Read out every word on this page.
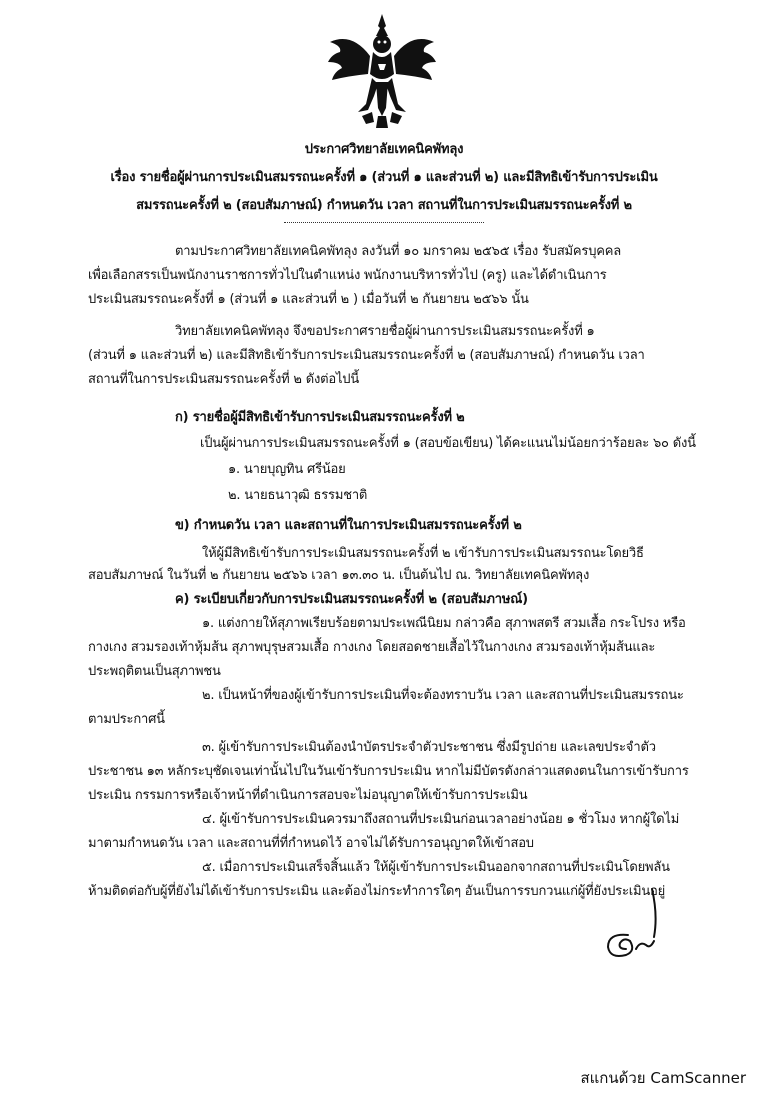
ประกาศวิทยาลัยเทคนิคพัทลุง
เรื่อง รายชื่อผู้ผ่านการประเมินสมรรถนะครั้งที่ ๑ (ส่วนที่ ๑ และส่วนที่ ๒) และมีสิทธิเข้ารับการประเมิน
สมรรถนะครั้งที่ ๒ (สอบสัมภาษณ์) กำหนดวัน เวลา สถานที่ในการประเมินสมรรถนะครั้งที่ ๒
ตามประกาศวิทยาลัยเทคนิคพัทลุง ลงวันที่ ๑๐ มกราคม ๒๕๖๕ เรื่อง รับสมัครบุคคล
เพื่อเลือกสรรเป็นพนักงานราชการทั่วไปในตำแหน่ง พนักงานบริหารทั่วไป (ครู) และได้ดำเนินการ
ประเมินสมรรถนะครั้งที่ ๑ (ส่วนที่ ๑ และส่วนที่ ๒ ) เมื่อวันที่ ๒ กันยายน ๒๕๖๖ นั้น
วิทยาลัยเทคนิคพัทลุง จึงขอประกาศรายชื่อผู้ผ่านการประเมินสมรรถนะครั้งที่ ๑
(ส่วนที่ ๑ และส่วนที่ ๒) และมีสิทธิเข้ารับการประเมินสมรรถนะครั้งที่ ๒ (สอบสัมภาษณ์) กำหนดวัน เวลา
สถานที่ในการประเมินสมรรถนะครั้งที่ ๒ ดังต่อไปนี้
ก) รายชื่อผู้มีสิทธิเข้ารับการประเมินสมรรถนะครั้งที่ ๒
เป็นผู้ผ่านการประเมินสมรรถนะครั้งที่ ๑ (สอบข้อเขียน) ได้คะแนนไม่น้อยกว่าร้อยละ ๖๐ ดังนี้
๑. นายบุญทิน ศรีน้อย
๒. นายธนาวุฒิ ธรรมชาติ
ข) กำหนดวัน เวลา และสถานที่ในการประเมินสมรรถนะครั้งที่ ๒
ให้ผู้มีสิทธิเข้ารับการประเมินสมรรถนะครั้งที่ ๒ เข้ารับการประเมินสมรรถนะโดยวิธี
สอบสัมภาษณ์ ในวันที่ ๒ กันยายน ๒๕๖๖ เวลา ๑๓.๓๐ น. เป็นต้นไป ณ. วิทยาลัยเทคนิคพัทลุง
ค) ระเบียบเกี่ยวกับการประเมินสมรรถนะครั้งที่ ๒ (สอบสัมภาษณ์)
๑. แต่งกายให้สุภาพเรียบร้อยตามประเพณีนิยม กล่าวคือ สุภาพสตรี สวมเสื้อ กระโปรง หรือ
กางเกง สวมรองเท้าหุ้มส้น สุภาพบุรุษสวมเสื้อ กางเกง โดยสอดชายเสื้อไว้ในกางเกง สวมรองเท้าหุ้มส้นและ
ประพฤติตนเป็นสุภาพชน
๒. เป็นหน้าที่ของผู้เข้ารับการประเมินที่จะต้องทราบวัน เวลา และสถานที่ประเมินสมรรถนะ
ตามประกาศนี้
๓. ผู้เข้ารับการประเมินต้องนำบัตรประจำตัวประชาชน ซึ่งมีรูปถ่าย และเลขประจำตัว
ประชาชน ๑๓ หลักระบุชัดเจนเท่านั้นไปในวันเข้ารับการประเมิน หากไม่มีบัตรดังกล่าวแสดงตนในการเข้ารับการ
ประเมิน กรรมการหรือเจ้าหน้าที่ดำเนินการสอบจะไม่อนุญาตให้เข้ารับการประเมิน
๔. ผู้เข้ารับการประเมินควรมาถึงสถานที่ประเมินก่อนเวลาอย่างน้อย ๑ ชั่วโมง หากผู้ใดไม่
มาตามกำหนดวัน เวลา และสถานที่ที่กำหนดไว้ อาจไม่ได้รับการอนุญาตให้เข้าสอบ
๕. เมื่อการประเมินเสร็จสิ้นแล้ว ให้ผู้เข้ารับการประเมินออกจากสถานที่ประเมินโดยพลัน
ห้ามติดต่อกับผู้ที่ยังไม่ได้เข้ารับการประเมิน และต้องไม่กระทำการใดๆ อันเป็นการรบกวนแก่ผู้ที่ยังประเมินอยู่
สแกนด้วย CamScanner
